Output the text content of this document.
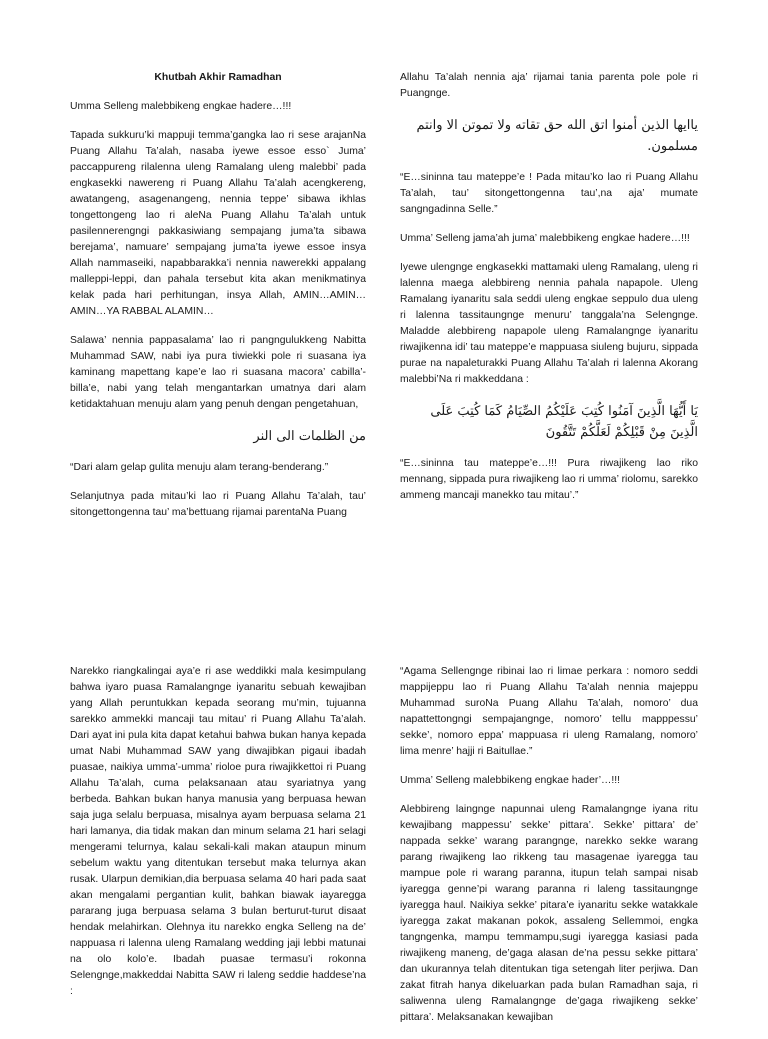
Khutbah Akhir Ramadhan

Umma Selleng malebbikeng engkae hadere…!!!

Tapada sukkuru’ki mappuji temma’gangka lao ri sese arajanNa Puang Allahu Ta’alah, nasaba iyewe essoe esso` Juma’ paccappureng rilalenna uleng Ramalang uleng malebbi’ pada engkasekki nawereng ri Puang Allahu Ta’alah acengkereng, awatangeng, asagenangeng, nennia teppe’ sibawa ikhlas tongettongeng lao ri aleNa Puang Allahu Ta’alah untuk pasilennerengngi pakkasiwiang sempajang juma’ta sibawa berejama’, namuare’ sempajang juma’ta iyewe essoe insya Allah nammaseiki, napabbarakka’i nennia nawerekki appalang malleppi-leppi, dan pahala tersebut kita akan menikmatinya kelak pada hari perhitungan, insya Allah, AMIN…AMIN… AMIN…YA RABBAL ALAMIN…

Salawa’ nennia pappasalama’ lao ri pangngulukkeng Nabitta Muhammad SAW, nabi iya pura tiwiekki pole ri suasana iya kaminang mapettang kape’e lao ri suasana macora’ cabilla’-billa’e, nabi yang telah mengantarkan umatnya dari alam ketidaktahuan menuju alam yang penuh dengan pengetahuan,

من الظلمات الى النر

“Dari alam gelap gulita menuju alam terang-benderang.”

Selanjutnya pada mitau’ki lao ri Puang Allahu Ta’alah, tau’ sitongettongenna tau’ ma’bettuang rijamai parentaNa Puang

Allahu Ta’alah nennia aja’ rijamai tania parenta pole pole ri Puangnge.

ياايها الذين أمنوا اتق الله حق تقاته ولا تموتن الا وانتم مسلمون.

“E…sininna tau mateppe’e ! Pada mitau’ko lao ri Puang Allahu Ta’alah, tau’ sitongettongenna tau’,na aja’ mumate sangngadinna Selle.”

Umma’ Selleng jama’ah juma’ malebbikeng engkae hadere…!!!

Iyewe ulengnge engkasekki mattamaki uleng Ramalang, uleng ri lalenna maega alebbireng nennia pahala napapole. Uleng Ramalang iyanaritu sala seddi uleng engkae seppulo dua uleng ri lalenna tassitaungnge menuru’ tanggala’na Selengnge. Maladde alebbireng napapole uleng Ramalangnge iyanaritu riwajikenna idi’ tau mateppe’e mappuasa siuleng bujuru, sippada purae na napaleturakki Puang Allahu Ta’alah ri lalenna Akorang malebbi’Na ri makkeddana :

يَا أَيُّهَا الَّذِينَ آمَنُوا كُتِبَ عَلَيْكُمُ الصِّيَامُ كَمَا كُتِبَ عَلَى الَّذِينَ مِنْ قَبْلِكُمْ لَعَلَّكُمْ تَتَّقُونَ

“E…sininna tau mateppe’e…!!! Pura riwajikeng lao riko mennang, sippada pura riwajikeng lao ri umma’ riolomu, sarekko ammeng mancaji manekko tau mitau’.”

Narekko riangkalingai aya’e ri ase weddikki mala kesimpulang bahwa iyaro puasa Ramalangnge iyanaritu sebuah kewajiban yang Allah peruntukkan kepada seorang mu’min, tujuanna sarekko ammekki mancaji tau mitau’ ri Puang Allahu Ta’alah. Dari ayat ini pula kita dapat ketahui bahwa bukan hanya kepada umat Nabi Muhammad SAW yang diwajibkan pigaui ibadah puasae, naikiya umma’-umma’ rioloe pura riwajikkettoi ri Puang Allahu Ta’alah, cuma pelaksanaan atau syariatnya yang berbeda. Bahkan bukan hanya manusia yang berpuasa hewan saja juga selalu berpuasa, misalnya ayam berpuasa selama 21 hari lamanya, dia tidak makan dan minum selama 21 hari selagi mengerami telurnya, kalau sekali-kali makan ataupun minum sebelum waktu yang ditentukan tersebut maka telurnya akan rusak. Ularpun demikian,dia berpuasa selama 40 hari pada saat akan mengalami pergantian kulit, bahkan biawak iayaregga pararang juga berpuasa selama 3 bulan berturut-turut disaat hendak melahirkan. Olehnya itu narekko engka Selleng na de’ nappuasa ri lalenna uleng Ramalang wedding jaji lebbi matunai na olo kolo’e. Ibadah puasae termasu’i rokonna Selengnge,makkeddai Nabitta SAW ri laleng seddie haddese’na :

“Agama Sellengnge ribinai lao ri limae perkara : nomoro seddi mappijeppu lao ri Puang Allahu Ta’alah nennia majeppu Muhammad suroNa Puang Allahu Ta’alah, nomoro’ dua napattettongngi sempajangnge, nomoro’ tellu mapppessu’ sekke’, nomoro eppa’ mappuasa ri uleng Ramalang, nomoro’ lima menre’ hajji ri Baitullae.”

Umma’ Selleng malebbikeng engkae hader’…!!!

Alebbireng laingnge napunnai uleng Ramalangnge iyana ritu kewajibang mappessu’ sekke’ pittara’. Sekke’ pittara’ de’ nappada sekke’ warang parangnge, narekko sekke warang parang riwajikeng lao rikkeng tau masagenae iyaregga tau mampue pole ri warang paranna, itupun telah sampai nisab iyaregga genne’pi warang paranna ri laleng tassitaungnge iyaregga haul. Naikiya sekke’ pitara’e iyanaritu sekke watakkale iyaregga zakat makanan pokok, assaleng Sellemmoi, engka tangngenka, mampu temmampu,sugi iyaregga kasiasi pada riwajikeng maneng, de’gaga alasan de’na pessu sekke pittara’ dan ukurannya telah ditentukan tiga setengah liter perjiwa. Dan zakat fitrah hanya dikeluarkan pada bulan Ramadhan saja, ri saliwenna uleng Ramalangnge de’gaga riwajikeng sekke’ pittara’. Melaksanakan kewajiban
